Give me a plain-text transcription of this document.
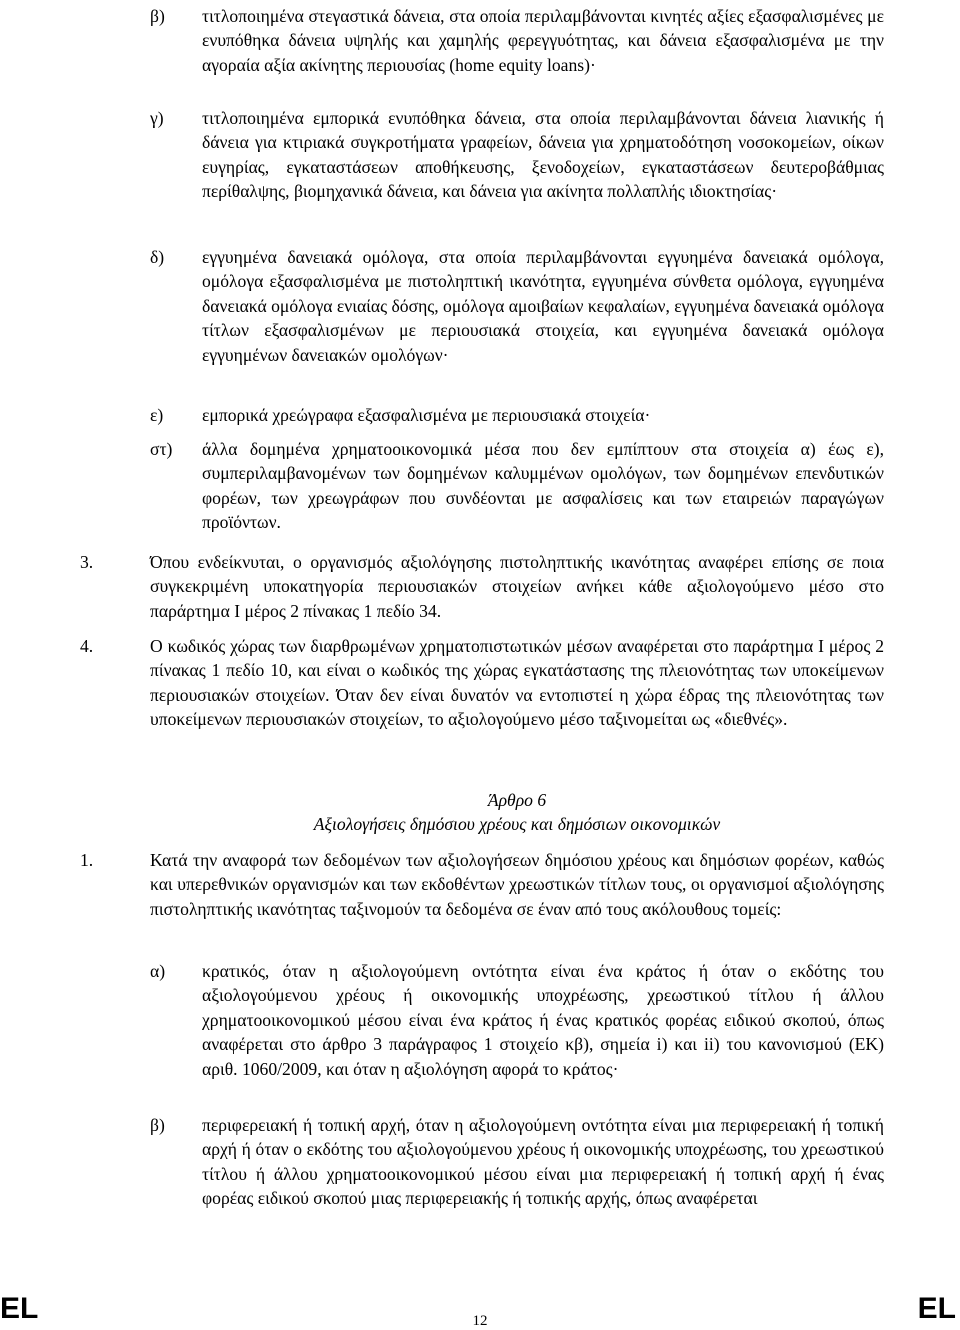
β) τιτλοποιημένα στεγαστικά δάνεια, στα οποία περιλαμβάνονται κινητές αξίες εξασφαλισμένες με ενυπόθηκα δάνεια υψηλής και χαμηλής φερεγγυότητας, και δάνεια εξασφαλισμένα με την αγοραία αξία ακίνητης περιουσίας (home equity loans)·
γ) τιτλοποιημένα εμπορικά ενυπόθηκα δάνεια, στα οποία περιλαμβάνονται δάνεια λιανικής ή δάνεια για κτιριακά συγκροτήματα γραφείων, δάνεια για χρηματοδότηση νοσοκομείων, οίκων ευγηρίας, εγκαταστάσεων αποθήκευσης, ξενοδοχείων, εγκαταστάσεων δευτεροβάθμιας περίθαλψης, βιομηχανικά δάνεια, και δάνεια για ακίνητα πολλαπλής ιδιοκτησίας·
δ) εγγυημένα δανειακά ομόλογα, στα οποία περιλαμβάνονται εγγυημένα δανειακά ομόλογα, ομόλογα εξασφαλισμένα με πιστοληπτική ικανότητα, εγγυημένα σύνθετα ομόλογα, εγγυημένα δανειακά ομόλογα ενιαίας δόσης, ομόλογα αμοιβαίων κεφαλαίων, εγγυημένα δανειακά ομόλογα τίτλων εξασφαλισμένων με περιουσιακά στοιχεία, και εγγυημένα δανειακά ομόλογα εγγυημένων δανειακών ομολόγων·
ε) εμπορικά χρεώγραφα εξασφαλισμένα με περιουσιακά στοιχεία·
στ) άλλα δομημένα χρηματοοικονομικά μέσα που δεν εμπίπτουν στα στοιχεία α) έως ε), συμπεριλαμβανομένων των δομημένων καλυμμένων ομολόγων, των δομημένων επενδυτικών φορέων, των χρεωγράφων που συνδέονται με ασφαλίσεις και των εταιρειών παραγώγων προϊόντων.
3.	Όπου ενδείκνυται, ο οργανισμός αξιολόγησης πιστοληπτικής ικανότητας αναφέρει επίσης σε ποια συγκεκριμένη υποκατηγορία περιουσιακών στοιχείων ανήκει κάθε αξιολογούμενο μέσο στο παράρτημα I μέρος 2 πίνακας 1 πεδίο 34.
4.	Ο κωδικός χώρας των διαρθρωμένων χρηματοπιστωτικών μέσων αναφέρεται στο παράρτημα I μέρος 2 πίνακας 1 πεδίο 10, και είναι ο κωδικός της χώρας εγκατάστασης της πλειονότητας των υποκείμενων περιουσιακών στοιχείων. Όταν δεν είναι δυνατόν να εντοπιστεί η χώρα έδρας της πλειονότητας των υποκείμενων περιουσιακών στοιχείων, το αξιολογούμενο μέσο ταξινομείται ως «διεθνές».
Άρθρο 6
Αξιολογήσεις δημόσιου χρέους και δημόσιων οικονομικών
1.	Κατά την αναφορά των δεδομένων των αξιολογήσεων δημόσιου χρέους και δημόσιων φορέων, καθώς και υπερεθνικών οργανισμών και των εκδοθέντων χρεωστικών τίτλων τους, οι οργανισμοί αξιολόγησης πιστοληπτικής ικανότητας ταξινομούν τα δεδομένα σε έναν από τους ακόλουθους τομείς:
α) κρατικός, όταν η αξιολογούμενη οντότητα είναι ένα κράτος ή όταν ο εκδότης του αξιολογούμενου χρέους ή οικονομικής υποχρέωσης, χρεωστικού τίτλου ή άλλου χρηματοοικονομικού μέσου είναι ένα κράτος ή ένας κρατικός φορέας ειδικού σκοπού, όπως αναφέρεται στο άρθρο 3 παράγραφος 1 στοιχείο κβ), σημεία i) και ii) του κανονισμού (ΕΚ) αριθ. 1060/2009, και όταν η αξιολόγηση αφορά το κράτος·
β) περιφερειακή ή τοπική αρχή, όταν η αξιολογούμενη οντότητα είναι μια περιφερειακή ή τοπική αρχή ή όταν ο εκδότης του αξιολογούμενου χρέους ή οικονομικής υποχρέωσης, του χρεωστικού τίτλου ή άλλου χρηματοοικονομικού μέσου είναι μια περιφερειακή ή τοπική αρχή ή ένας φορέας ειδικού σκοπού μιας περιφερειακής ή τοπικής αρχής, όπως αναφέρεται
EL	12	EL
